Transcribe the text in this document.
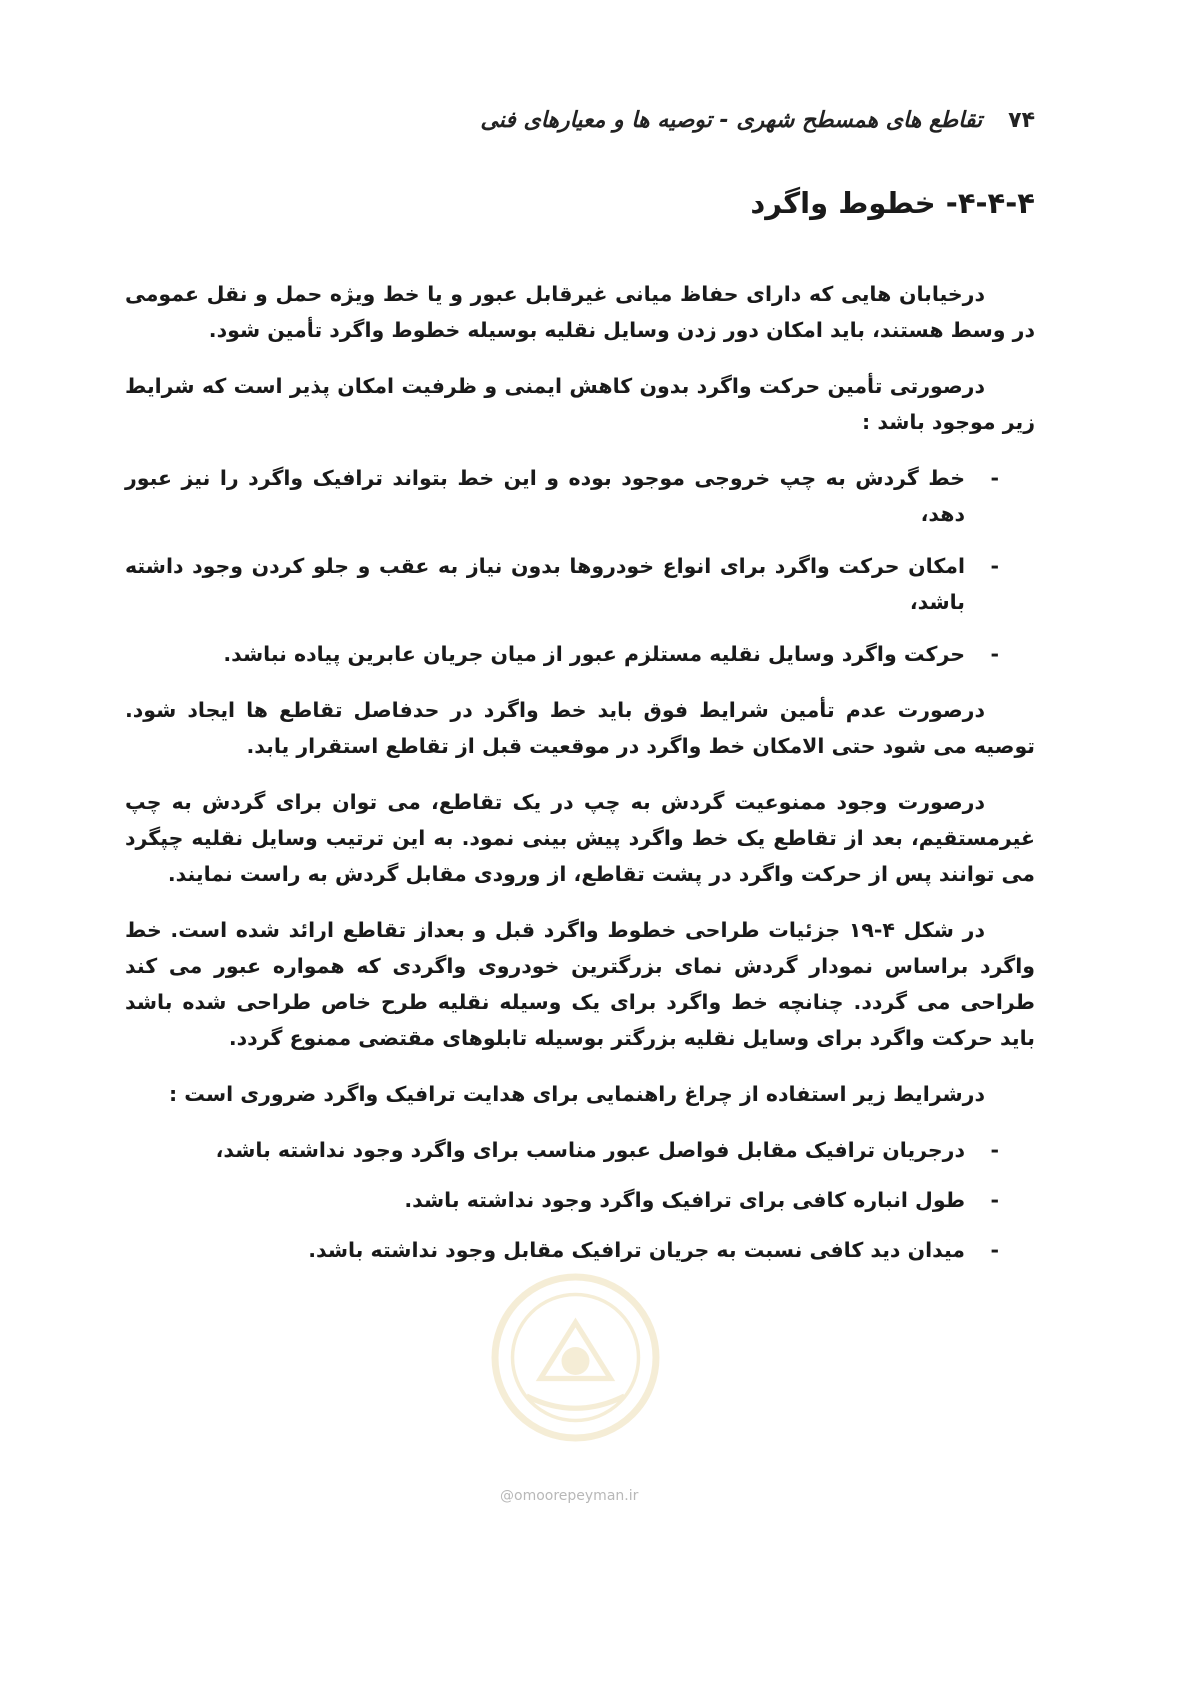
۷۴
تقاطع های همسطح شهری - توصیه ها و معیارهای فنی
۴-۴-۴- خطوط واگرد

درخیابان هایی که دارای حفاظ میانی غیرقابل عبور و یا خط ویژه حمل و نقل عمومی در وسط هستند، باید امکان دور زدن وسایل نقلیه بوسیله خطوط واگرد تأمین شود.

درصورتی تأمین حرکت واگرد بدون کاهش ایمنی و ظرفیت امکان پذیر است که شرایط زیر موجود باشد :

-
خط گردش به چپ خروجی موجود بوده و این خط بتواند ترافیک واگرد را نیز عبور دهد،
-
امکان حرکت واگرد برای انواع خودروها بدون نیاز به عقب و جلو کردن وجود داشته باشد،
-
حرکت واگرد وسایل نقلیه مستلزم عبور از میان جریان عابرین پیاده نباشد.

درصورت عدم تأمین شرایط فوق باید خط واگرد در حدفاصل تقاطع ها ایجاد شود. توصیه می شود حتی الامکان خط واگرد در موقعیت قبل از تقاطع استقرار یابد.

درصورت وجود ممنوعیت گردش به چپ در یک تقاطع، می توان برای گردش به چپ غیرمستقیم، بعد از تقاطع یک خط واگرد پیش بینی نمود. به این ترتیب وسایل نقلیه چپگرد می توانند پس از حرکت واگرد در پشت تقاطع، از ورودی مقابل گردش به راست نمایند.

در شکل ۴-۱۹ جزئیات طراحی خطوط واگرد قبل و بعداز تقاطع ارائد شده است. خط واگرد براساس نمودار گردش نمای بزرگترین خودروی واگردی که همواره عبور می کند طراحی می گردد. چنانچه خط واگرد برای یک وسیله نقلیه طرح خاص طراحی شده باشد باید حرکت واگرد برای وسایل نقلیه بزرگتر بوسیله تابلوهای مقتضی ممنوع گردد.

درشرایط زیر استفاده از چراغ راهنمایی برای هدایت ترافیک واگرد ضروری است :

-
درجریان ترافیک مقابل فواصل عبور مناسب برای واگرد وجود نداشته باشد،
-
طول انباره کافی برای ترافیک واگرد وجود نداشته باشد.
-
میدان دید کافی نسبت به جریان ترافیک مقابل وجود نداشته باشد.
@omoorepeyman.ir
